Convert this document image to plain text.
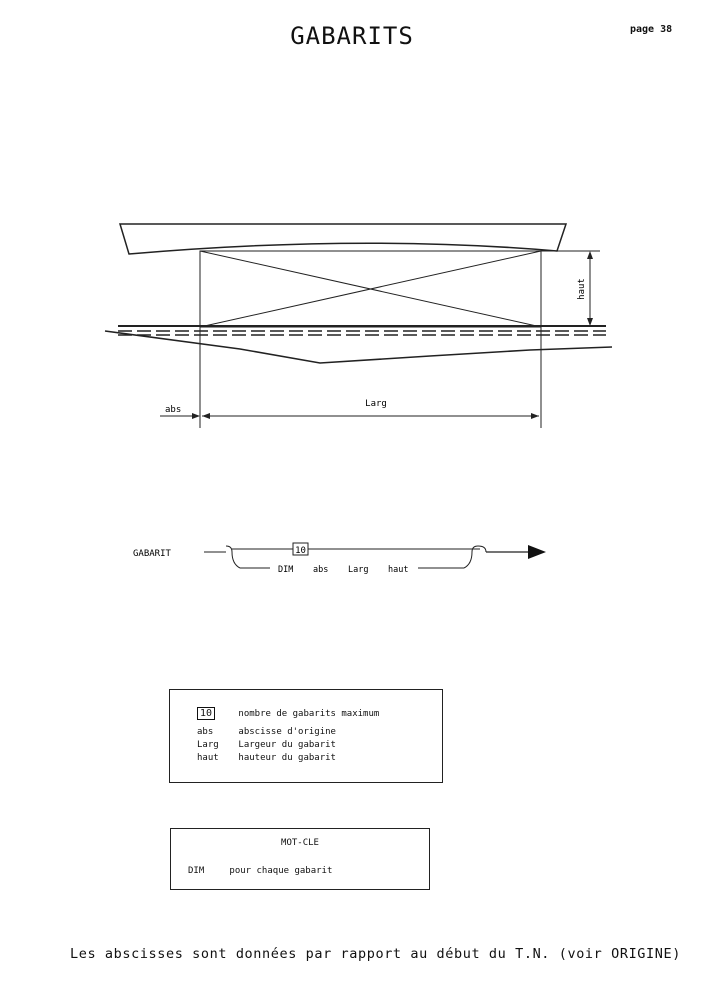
GABARITS	page 38
haut
abs
Larg
GABARIT	10
DIM abs Larg haut
10	nombre de gabarits maximum
abs	abscisse d'origine
Larg Largeur du gabarit
haut hauteur du gabarit
MOT-CLE
DIM	pour chaque gabarit
Les abscisses sont données par rapport au début du T.N. (voir ORIGINE)
